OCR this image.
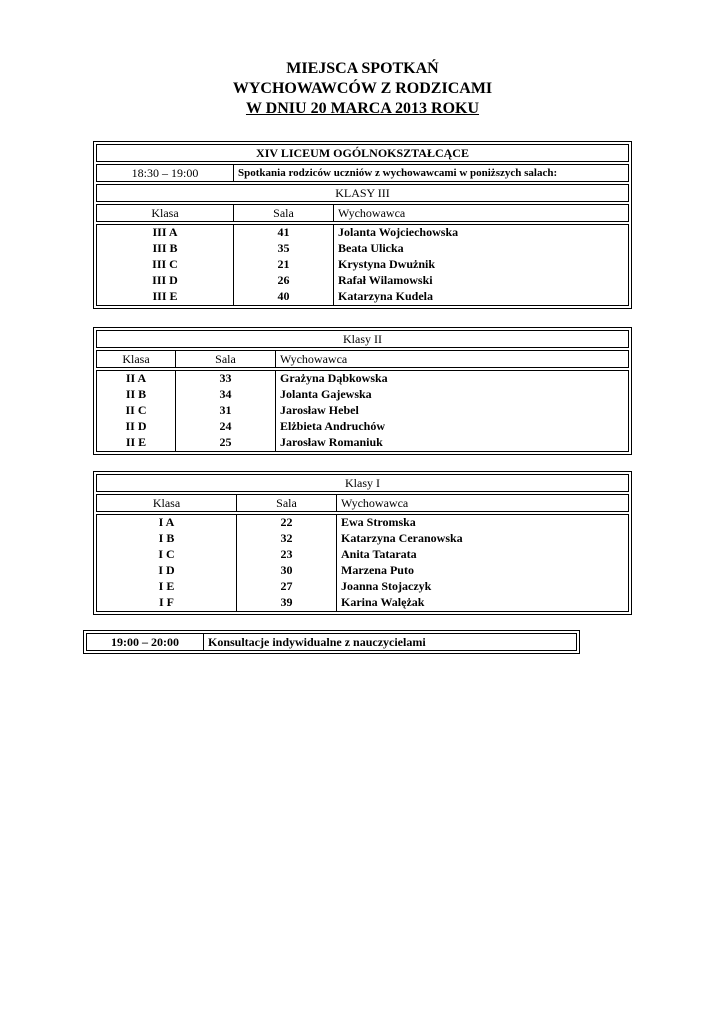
MIEJSCA SPOTKAŃ
WYCHOWAWCÓW Z RODZICAMI
W DNIU 20 MARCA 2013 ROKU
XIV LICEUM OGÓLNOKSZTAŁCĄCE
18:30 – 19:00	Spotkania rodziców uczniów z wychowawcami w poniższych salach:
KLASY III
Klasa	Sala	Wychowawca
III A	41	Jolanta Wojciechowska
III B	35	Beata Ulicka
III C	21	Krystyna Dwużnik
III D	26	Rafał Wilamowski
III E	40	Katarzyna Kudela
Klasy II
Klasa	Sala	Wychowawca
II A	33	Grażyna Dąbkowska
II B	34	Jolanta Gajewska
II C	31	Jarosław Hebel
II D	24	Elżbieta Andruchów
II E	25	Jarosław Romaniuk
Klasy I
Klasa	Sala	Wychowawca
I A	22	Ewa Stromska
I B	32	Katarzyna Ceranowska
I C	23	Anita Tatarata
I D	30	Marzena Puto
I E	27	Joanna Stojaczyk
I F	39	Karina Walężak
19:00 – 20:00	Konsultacje indywidualne z nauczycielami
